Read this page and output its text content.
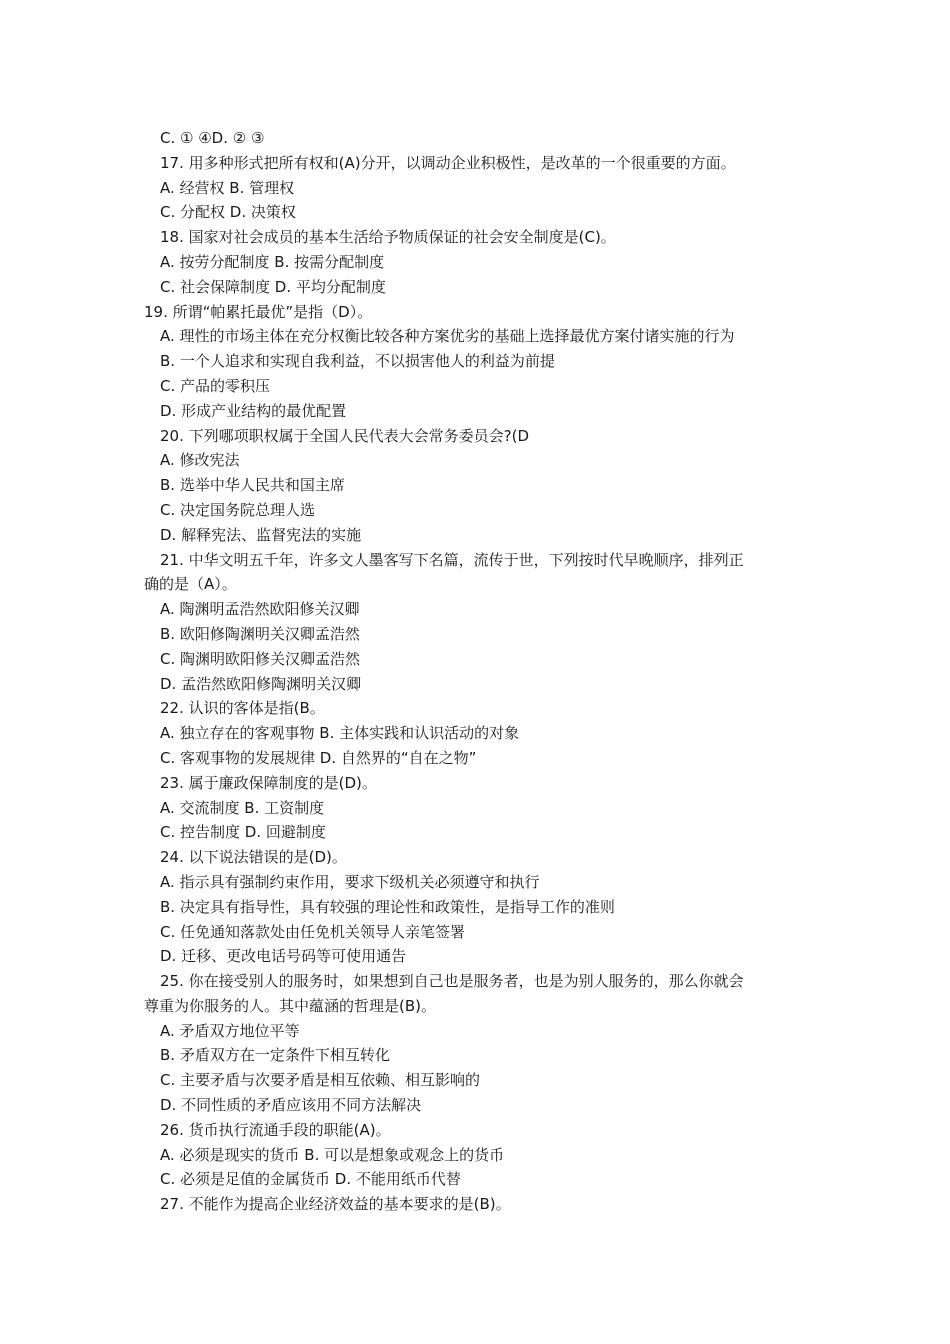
C. ① ④D. ② ③
17. 用多种形式把所有权和(A)分开，以调动企业积极性，是改革的一个很重要的方面。
A. 经营权 B. 管理权
C. 分配权 D. 决策权
18. 国家对社会成员的基本生活给予物质保证的社会安全制度是(C)。
A. 按劳分配制度 B. 按需分配制度
C. 社会保障制度 D. 平均分配制度
19. 所谓“帕累托最优”是指（D）。
A. 理性的市场主体在充分权衡比较各种方案优劣的基础上选择最优方案付诸实施的行为
B. 一个人追求和实现自我利益，不以损害他人的利益为前提
C. 产品的零积压
D. 形成产业结构的最优配置
20. 下列哪项职权属于全国人民代表大会常务委员会?(D
A. 修改宪法
B. 选举中华人民共和国主席
C. 决定国务院总理人选
D. 解释宪法、监督宪法的实施
21. 中华文明五千年，许多文人墨客写下名篇，流传于世，下列按时代早晚顺序，排列正
确的是（A）。
A. 陶渊明孟浩然欧阳修关汉卿
B. 欧阳修陶渊明关汉卿孟浩然
C. 陶渊明欧阳修关汉卿孟浩然
D. 孟浩然欧阳修陶渊明关汉卿
22. 认识的客体是指(B。
A. 独立存在的客观事物 B. 主体实践和认识活动的对象
C. 客观事物的发展规律 D. 自然界的“自在之物”
23. 属于廉政保障制度的是(D)。
A. 交流制度 B. 工资制度
C. 控告制度 D. 回避制度
24. 以下说法错误的是(D)。
A. 指示具有强制约束作用，要求下级机关必须遵守和执行
B. 决定具有指导性，具有较强的理论性和政策性，是指导工作的准则
C. 任免通知落款处由任免机关领导人亲笔签署
D. 迁移、更改电话号码等可使用通告
25. 你在接受别人的服务时，如果想到自己也是服务者，也是为别人服务的，那么你就会
尊重为你服务的人。其中蕴涵的哲理是(B)。
A. 矛盾双方地位平等
B. 矛盾双方在一定条件下相互转化
C. 主要矛盾与次要矛盾是相互依赖、相互影响的
D. 不同性质的矛盾应该用不同方法解决
26. 货币执行流通手段的职能(A)。
A. 必须是现实的货币 B. 可以是想象或观念上的货币
C. 必须是足值的金属货币 D. 不能用纸币代替
27. 不能作为提高企业经济效益的基本要求的是(B)。
